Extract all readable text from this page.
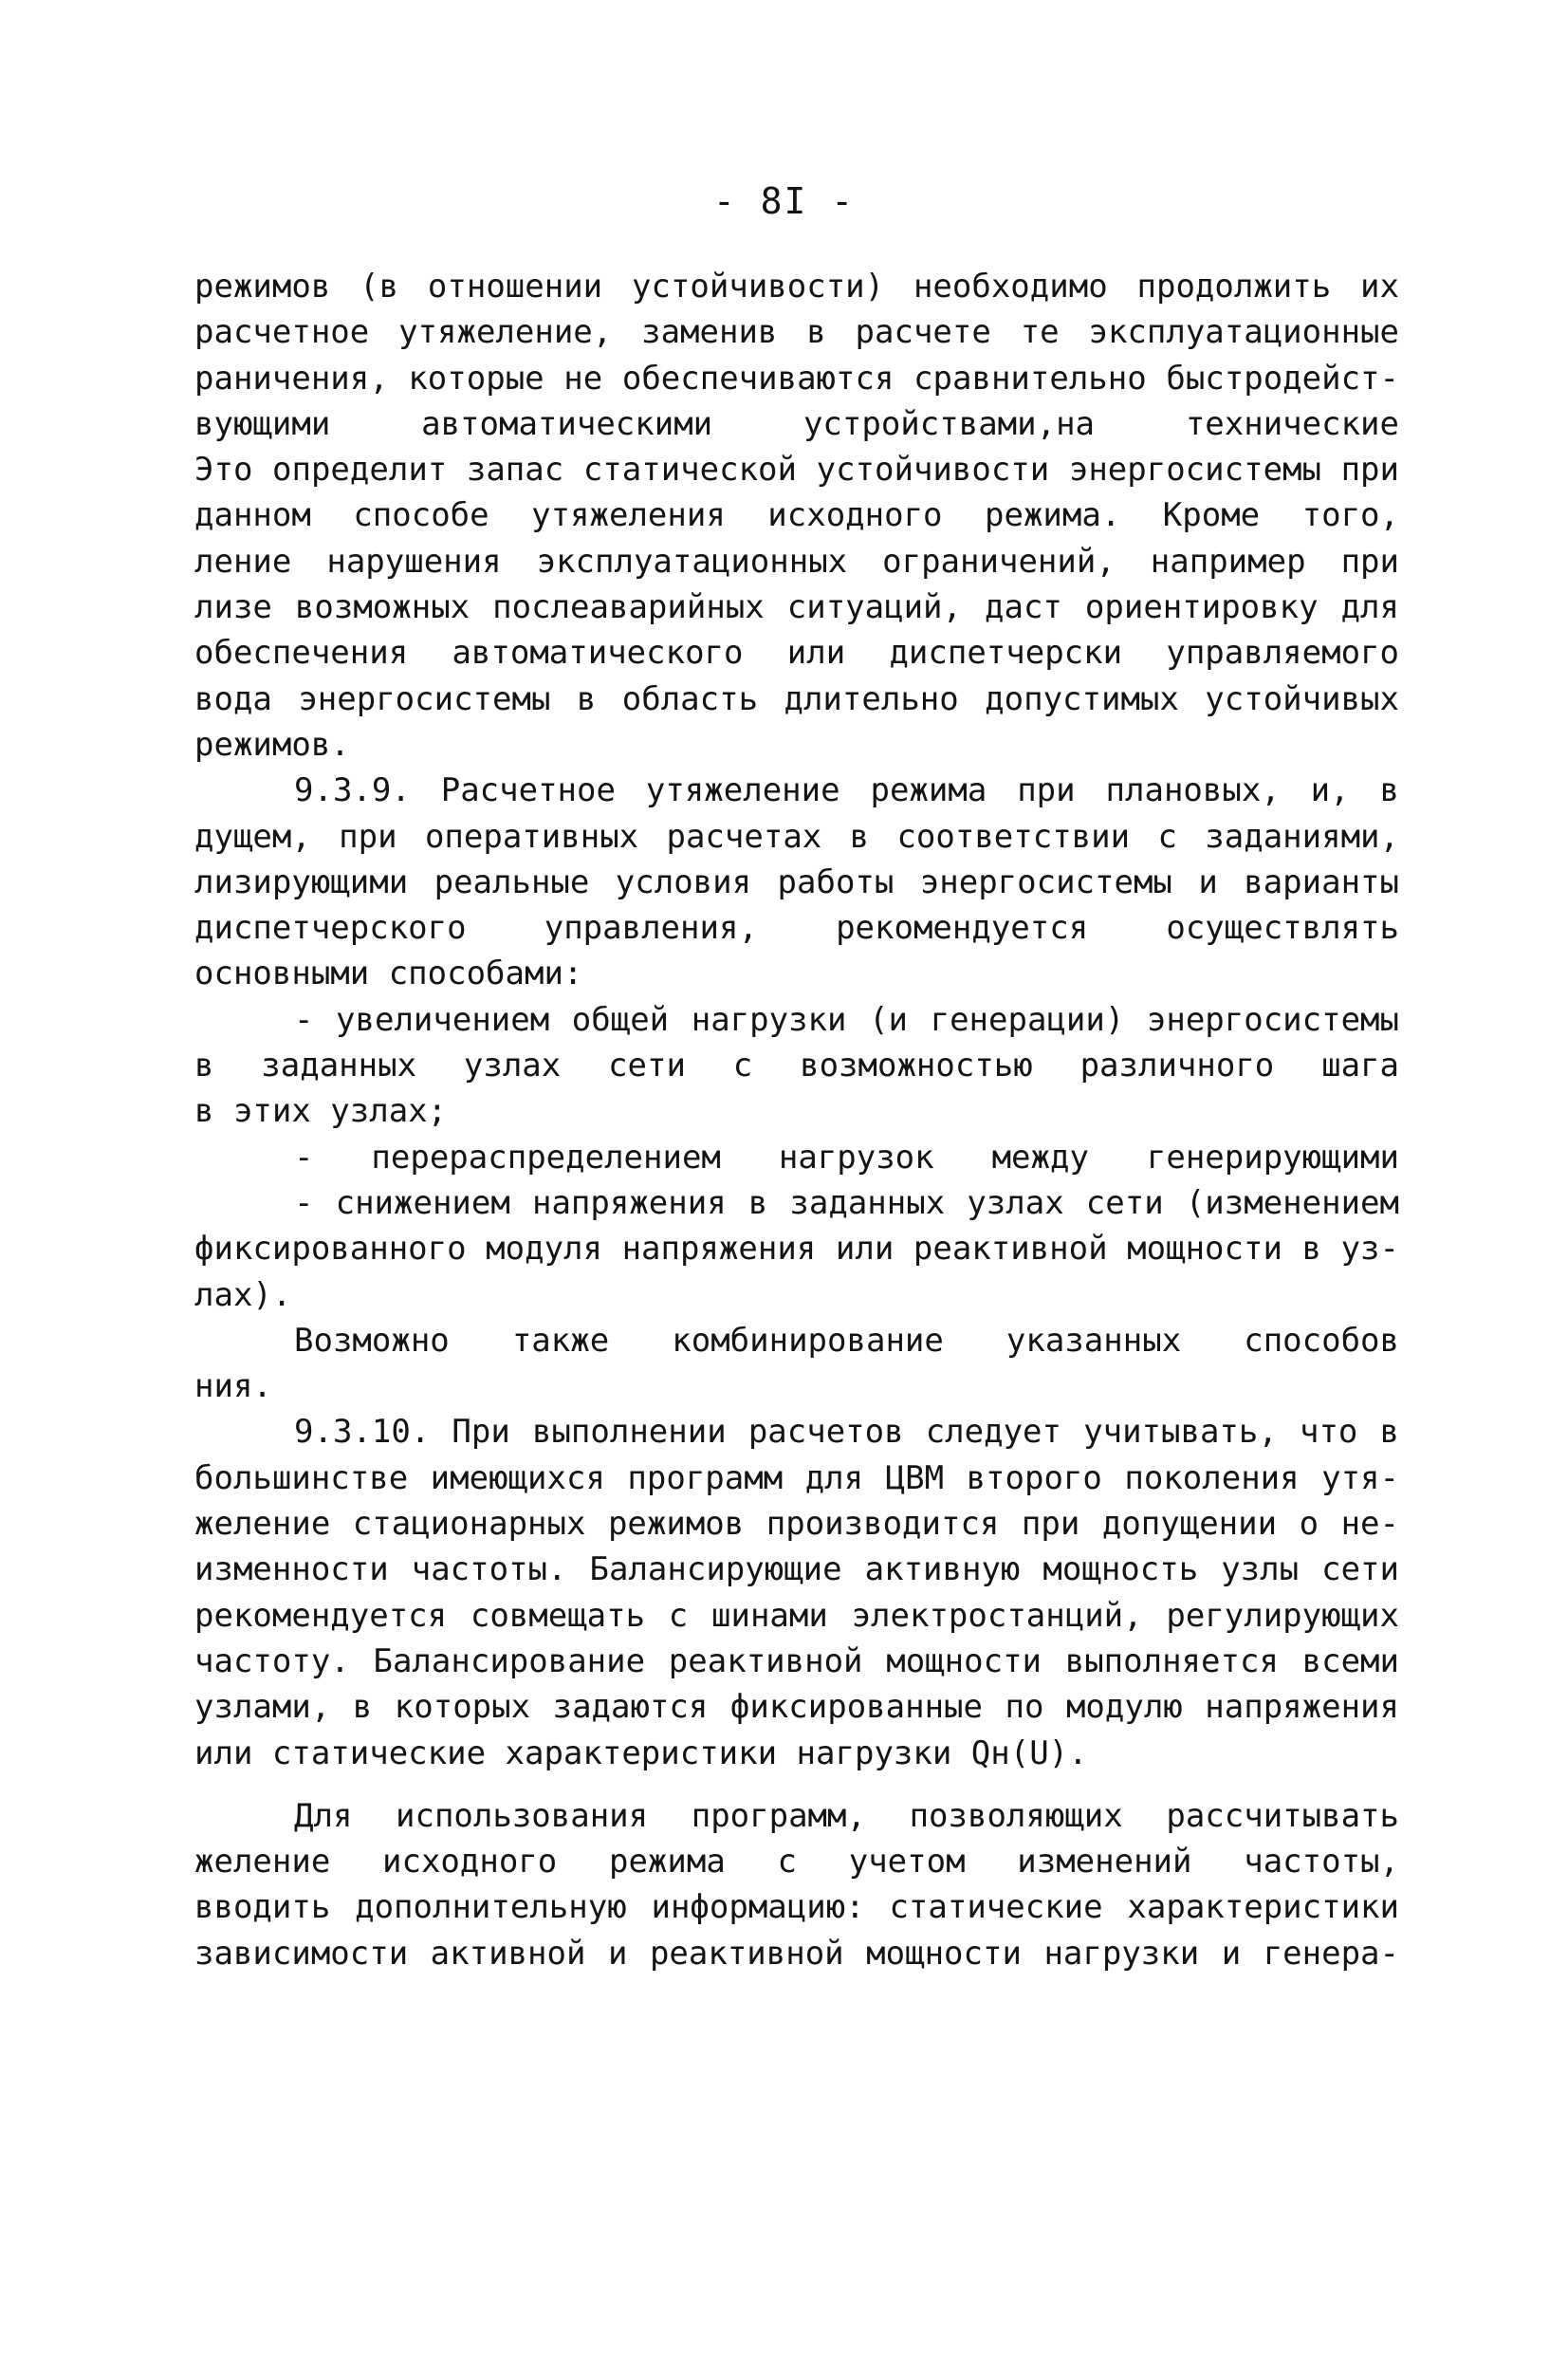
- 8I -
режимов (в отношении устойчивости) необходимо продолжить их
расчетное утяжеление, заменив в расчете те эксплуатационные
раничения, которые не обеспечиваются сравнительно быстродейст-
вующими автоматическими устройствами,на технические
Это определит запас статической устойчивости энергосистемы при
данном способе утяжеления исходного режима. Кроме того,
ление нарушения эксплуатационных ограничений, например при
лизе возможных послеаварийных ситуаций, даст ориентировку для
обеспечения автоматического или диспетчерски управляемого
вода энергосистемы в область длительно допустимых устойчивых
режимов.
9.3.9. Расчетное утяжеление режима при плановых, и, в
дущем, при оперативных расчетах в соответствии с заданиями,
лизирующими реальные условия работы энергосистемы и варианты
диспетчерского управления, рекомендуется осуществлять
основными способами:
- увеличением общей нагрузки (и генерации) энергосистемы
в заданных узлах сети с возможностью различного шага
в этих узлах;
- перераспределением нагрузок между генерирующими
- снижением напряжения в заданных узлах сети (изменением
фиксированного модуля напряжения или реактивной мощности в уз-
лах).
Возможно также комбинирование указанных способов
ния.
9.3.10. При выполнении расчетов следует учитывать, что в
большинстве имеющихся программ для ЦВМ второго поколения утя-
желение стационарных режимов производится при допущении о не-
изменности частоты. Балансирующие активную мощность узлы сети
рекомендуется совмещать с шинами электростанций, регулирующих
частоту. Балансирование реактивной мощности выполняется всеми
узлами, в которых задаются фиксированные по модулю напряжения
или статические характеристики нагрузки Qн(U).
Для использования программ, позволяющих рассчитывать
желение исходного режима с учетом изменений частоты,
вводить дополнительную информацию: статические характеристики
зависимости активной и реактивной мощности нагрузки и генера-
